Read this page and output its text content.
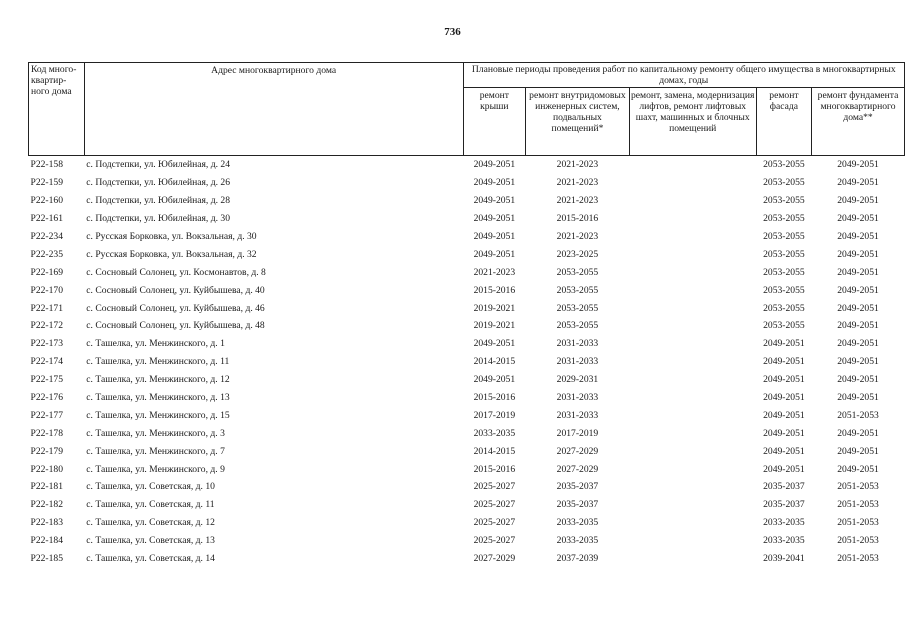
736
Код много-квартир-ного дома	Адрес многоквартирного дома	Плановые периоды проведения работ по капитальному ремонту общего имущества в многоквартирных домах, годы				
		ремонт крыши	ремонт внутридомовых инженерных систем, подвальных помещений*	ремонт, замена, модернизация лифтов, ремонт лифтовых шахт, машинных и блочных помещений	ремонт фасада	ремонт фундамента многоквартирного дома**
P22-158	с. Подстепки, ул. Юбилейная, д. 24	2049-2051	2021-2023		2053-2055	2049-2051
P22-159	с. Подстепки, ул. Юбилейная, д. 26	2049-2051	2021-2023		2053-2055	2049-2051
P22-160	с. Подстепки, ул. Юбилейная, д. 28	2049-2051	2021-2023		2053-2055	2049-2051
P22-161	с. Подстепки, ул. Юбилейная, д. 30	2049-2051	2015-2016		2053-2055	2049-2051
P22-234	с. Русская Борковка, ул. Вокзальная, д. 30	2049-2051	2021-2023		2053-2055	2049-2051
P22-235	с. Русская Борковка, ул. Вокзальная, д. 32	2049-2051	2023-2025		2053-2055	2049-2051
P22-169	с. Сосновый Солонец, ул. Космонавтов, д. 8	2021-2023	2053-2055		2053-2055	2049-2051
P22-170	с. Сосновый Солонец, ул. Куйбышева, д. 40	2015-2016	2053-2055		2053-2055	2049-2051
P22-171	с. Сосновый Солонец, ул. Куйбышева, д. 46	2019-2021	2053-2055		2053-2055	2049-2051
P22-172	с. Сосновый Солонец, ул. Куйбышева, д. 48	2019-2021	2053-2055		2053-2055	2049-2051
P22-173	с. Ташелка, ул. Менжинского, д. 1	2049-2051	2031-2033		2049-2051	2049-2051
P22-174	с. Ташелка, ул. Менжинского, д. 11	2014-2015	2031-2033		2049-2051	2049-2051
P22-175	с. Ташелка, ул. Менжинского, д. 12	2049-2051	2029-2031		2049-2051	2049-2051
P22-176	с. Ташелка, ул. Менжинского, д. 13	2015-2016	2031-2033		2049-2051	2049-2051
P22-177	с. Ташелка, ул. Менжинского, д. 15	2017-2019	2031-2033		2049-2051	2051-2053
P22-178	с. Ташелка, ул. Менжинского, д. 3	2033-2035	2017-2019		2049-2051	2049-2051
P22-179	с. Ташелка, ул. Менжинского, д. 7	2014-2015	2027-2029		2049-2051	2049-2051
P22-180	с. Ташелка, ул. Менжинского, д. 9	2015-2016	2027-2029		2049-2051	2049-2051
P22-181	с. Ташелка, ул. Советская, д. 10	2025-2027	2035-2037		2035-2037	2051-2053
P22-182	с. Ташелка, ул. Советская, д. 11	2025-2027	2035-2037		2035-2037	2051-2053
P22-183	с. Ташелка, ул. Советская, д. 12	2025-2027	2033-2035		2033-2035	2051-2053
P22-184	с. Ташелка, ул. Советская, д. 13	2025-2027	2033-2035		2033-2035	2051-2053
P22-185	с. Ташелка, ул. Советская, д. 14	2027-2029	2037-2039		2039-2041	2051-2053
